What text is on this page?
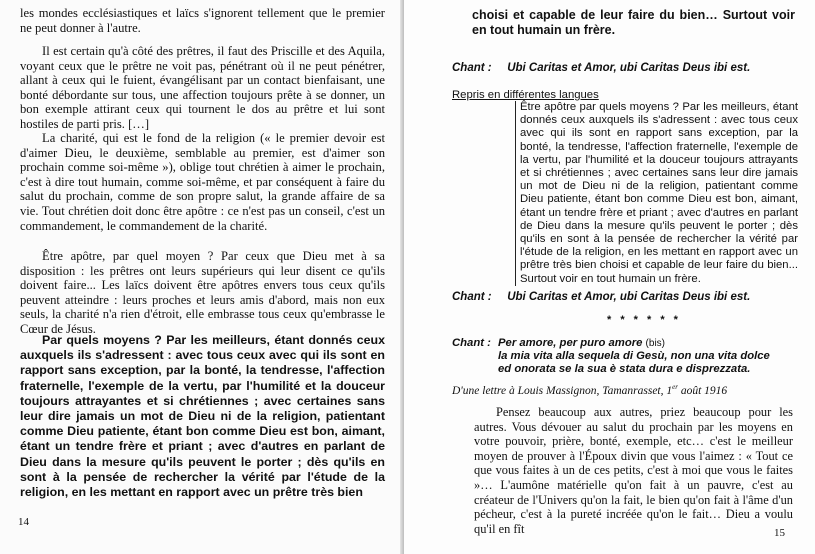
les mondes ecclésiastiques et laïcs s'ignorent tellement que le premier ne peut donner à l'autre.

Il est certain qu'à côté des prêtres, il faut des Priscille et des Aquila, voyant ceux que le prêtre ne voit pas, pénétrant où il ne peut pénétrer, allant à ceux qui le fuient, évangélisant par un contact bienfaisant, une bonté débordante sur tous, une affection toujours prête à se donner, un bon exemple attirant ceux qui tournent le dos au prêtre et lui sont hostiles de parti pris. […]

La charité, qui est le fond de la religion (« le premier devoir est d'aimer Dieu, le deuxième, semblable au premier, est d'aimer son prochain comme soi-même »), oblige tout chrétien à aimer le prochain, c'est à dire tout humain, comme soi-même, et par conséquent à faire du salut du prochain, comme de son propre salut, la grande affaire de sa vie. Tout chrétien doit donc être apôtre : ce n'est pas un conseil, c'est un commandement, le commandement de la charité.

Être apôtre, par quel moyen ? Par ceux que Dieu met à sa disposition : les prêtres ont leurs supérieurs qui leur disent ce qu'ils doivent faire... Les laïcs doivent être apôtres envers tous ceux qu'ils peuvent atteindre : leurs proches et leurs amis d'abord, mais non eux seuls, la charité n'a rien d'étroit, elle embrasse tous ceux qu'embrasse le Cœur de Jésus.

Par quels moyens ? Par les meilleurs, étant donnés ceux auxquels ils s'adressent : avec tous ceux avec qui ils sont en rapport sans exception, par la bonté, la tendresse, l'affection fraternelle, l'exemple de la vertu, par l'humilité et la douceur toujours attrayantes et si chrétiennes ; avec certaines sans leur dire jamais un mot de Dieu ni de la religion, patientant comme Dieu patiente, étant bon comme Dieu est bon, aimant, étant un tendre frère et priant ; avec d'autres en parlant de Dieu dans la mesure qu'ils peuvent le porter ; dès qu'ils en sont à la pensée de rechercher la vérité par l'étude de la religion, en les mettant en rapport avec un prêtre très bien

14

choisi et capable de leur faire du bien… Surtout voir en tout humain un frère.

Chant : Ubi Caritas et Amor, ubi Caritas Deus ibi est.
Repris en différentes langues
Être apôtre par quels moyens ? Par les meilleurs, étant donnés ceux auxquels ils s'adressent : avec tous ceux avec qui ils sont en rapport sans exception, par la bonté, la tendresse, l'affection fraternelle, l'exemple de la vertu, par l'humilité et la douceur toujours attrayants et si chrétiennes ; avec certaines sans leur dire jamais un mot de Dieu ni de la religion, patientant comme Dieu patiente, étant bon comme Dieu est bon, aimant, étant un tendre frère et priant ; avec d'autres en parlant de Dieu dans la mesure qu'ils peuvent le porter ; dès qu'ils en sont à la pensée de rechercher la vérité par l'étude de la religion, en les mettant en rapport avec un prêtre très bien choisi et capable de leur faire du bien... Surtout voir en tout humain un frère.
Chant : Ubi Caritas et Amor, ubi Caritas Deus ibi est.
* * * * * *
Chant : Per amore, per puro amore (bis)
la mia vita alla sequela di Gesù, non una vita dolce
ed onorata se la sua è stata dura e disprezzata.
D'une lettre à Louis Massignon, Tamanrasset, 1er août 1916

Pensez beaucoup aux autres, priez beaucoup pour les autres. Vous dévouer au salut du prochain par les moyens en votre pouvoir, prière, bonté, exemple, etc… c'est le meilleur moyen de prouver à l'Époux divin que vous l'aimez : « Tout ce que vous faites à un de ces petits, c'est à moi que vous le faites »… L'aumône matérielle qu'on fait à un pauvre, c'est au créateur de l'Univers qu'on la fait, le bien qu'on fait à l'âme d'un pécheur, c'est à la pureté incréée qu'on le fait… Dieu a voulu qu'il en fît	15
